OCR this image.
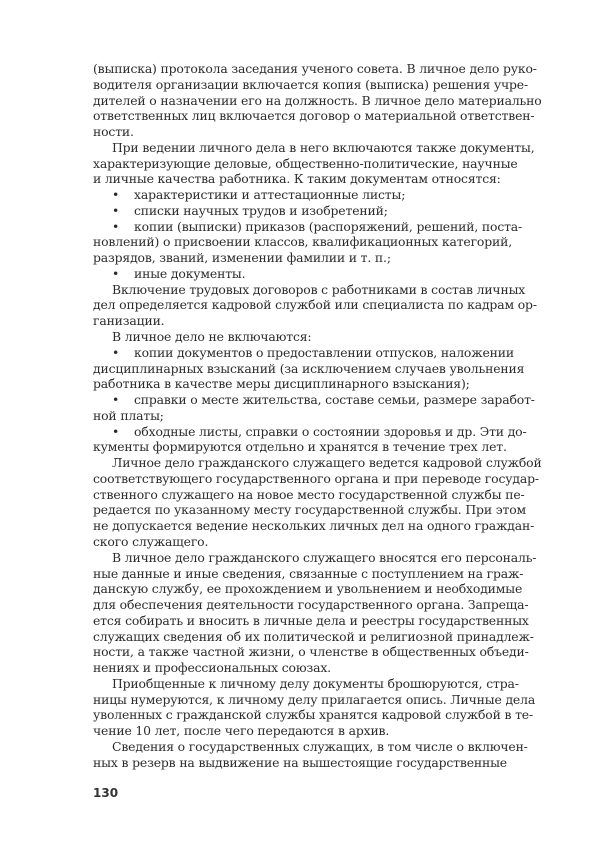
(выписка) протокола заседания ученого совета. В личное дело руко-
водителя организации включается копия (выписка) решения учре-
дителей о назначении его на должность. В личное дело материально
ответственных лиц включается договор о материальной ответствен-
ности.
При ведении личного дела в него включаются также документы,
характеризующие деловые, общественно-политические, научные
и личные качества работника. К таким документам относятся:
• характеристики и аттестационные листы;
• списки научных трудов и изобретений;
• копии (выписки) приказов (распоряжений, решений, поста-
новлений) о присвоении классов, квалификационных категорий,
разрядов, званий, изменении фамилии и т. п.;
• иные документы.
Включение трудовых договоров с работниками в состав личных
дел определяется кадровой службой или специалиста по кадрам ор-
ганизации.
В личное дело не включаются:
• копии документов о предоставлении отпусков, наложении
дисциплинарных взысканий (за исключением случаев увольнения
работника в качестве меры дисциплинарного взыскания);
• справки о месте жительства, составе семьи, размере заработ-
ной платы;
• обходные листы, справки о состоянии здоровья и др. Эти до-
кументы формируются отдельно и хранятся в течение трех лет.
Личное дело гражданского служащего ведется кадровой службой
соответствующего государственного органа и при переводе государ-
ственного служащего на новое место государственной службы пе-
редается по указанному месту государственной службы. При этом
не допускается ведение нескольких личных дел на одного граждан-
ского служащего.
В личное дело гражданского служащего вносятся его персональ-
ные данные и иные сведения, связанные с поступлением на граж-
данскую службу, ее прохождением и увольнением и необходимые
для обеспечения деятельности государственного органа. Запреща-
ется собирать и вносить в личные дела и реестры государственных
служащих сведения об их политической и религиозной принадлеж-
ности, а также частной жизни, о членстве в общественных объеди-
нениях и профессиональных союзах.
Приобщенные к личному делу документы брошюруются, стра-
ницы нумеруются, к личному делу прилагается опись. Личные дела
уволенных с гражданской службы хранятся кадровой службой в те-
чение 10 лет, после чего передаются в архив.
Сведения о государственных служащих, в том числе о включен-
ных в резерв на выдвижение на вышестоящие государственные
130
